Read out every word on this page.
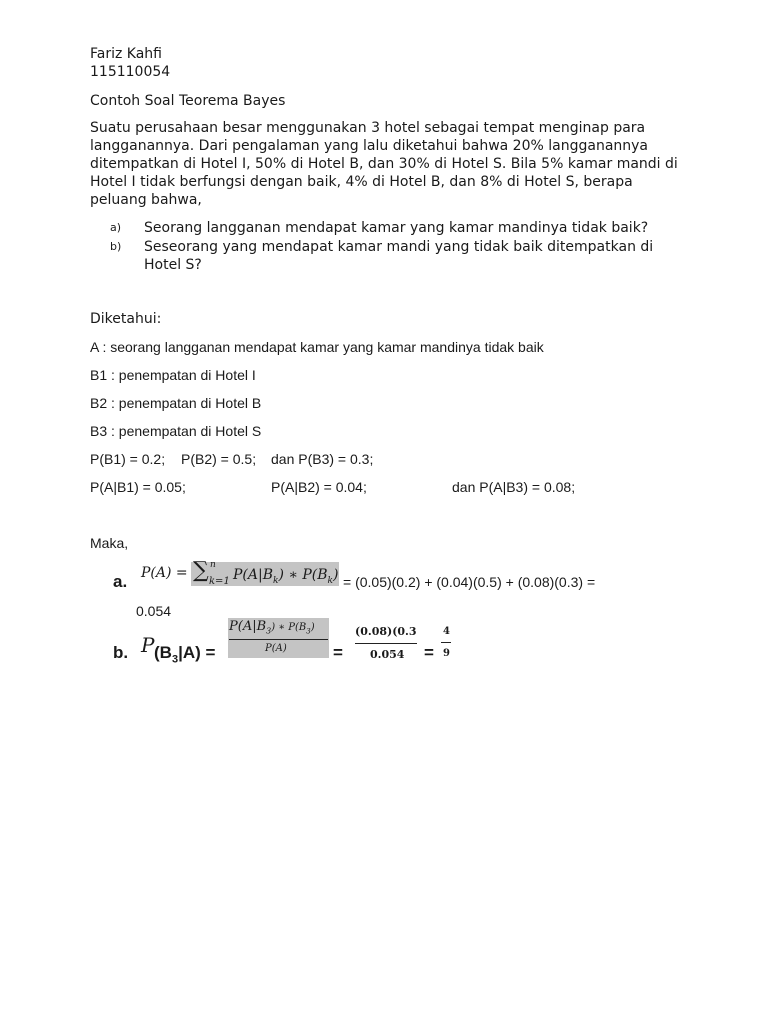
Fariz Kahfi
115110054
Contoh Soal Teorema Bayes
Suatu perusahaan besar menggunakan 3 hotel sebagai tempat menginap para langganannya. Dari pengalaman yang lalu diketahui bahwa 20% langganannya ditempatkan di Hotel I, 50% di Hotel B, dan 30% di Hotel S. Bila 5% kamar mandi di Hotel I tidak berfungsi dengan baik, 4% di Hotel B, dan 8% di Hotel S, berapa peluang bahwa,
a)	Seorang langganan mendapat kamar yang kamar mandinya tidak baik?
b)	Seseorang yang mendapat kamar mandi yang tidak baik ditempatkan di Hotel S?
Diketahui:
A : seorang langganan mendapat kamar yang kamar mandinya tidak baik
B1 : penempatan di Hotel I
B2 : penempatan di Hotel B
B3 : penempatan di Hotel S
P(B1) = 0.2; P(B2) = 0.5; dan P(B3) = 0.3;
P(A|B1) = 0.05;	P(A|B2) = 0.04;	dan P(A|B3) = 0.08;
Maka,
a. P(A) = ∑ n
k=1 $P(A|B_k)$ ∗ $P(B_k) = (0.05)(0.2) + (0.04)(0.5) + (0.08)(0.3)$ =
0.054
b. P $(B_3|A)$ =
$P(A|B_3)$ ∗ $P(B_3)$
P(A)	=
(0.08)(0.3
0.054 =
4
9
